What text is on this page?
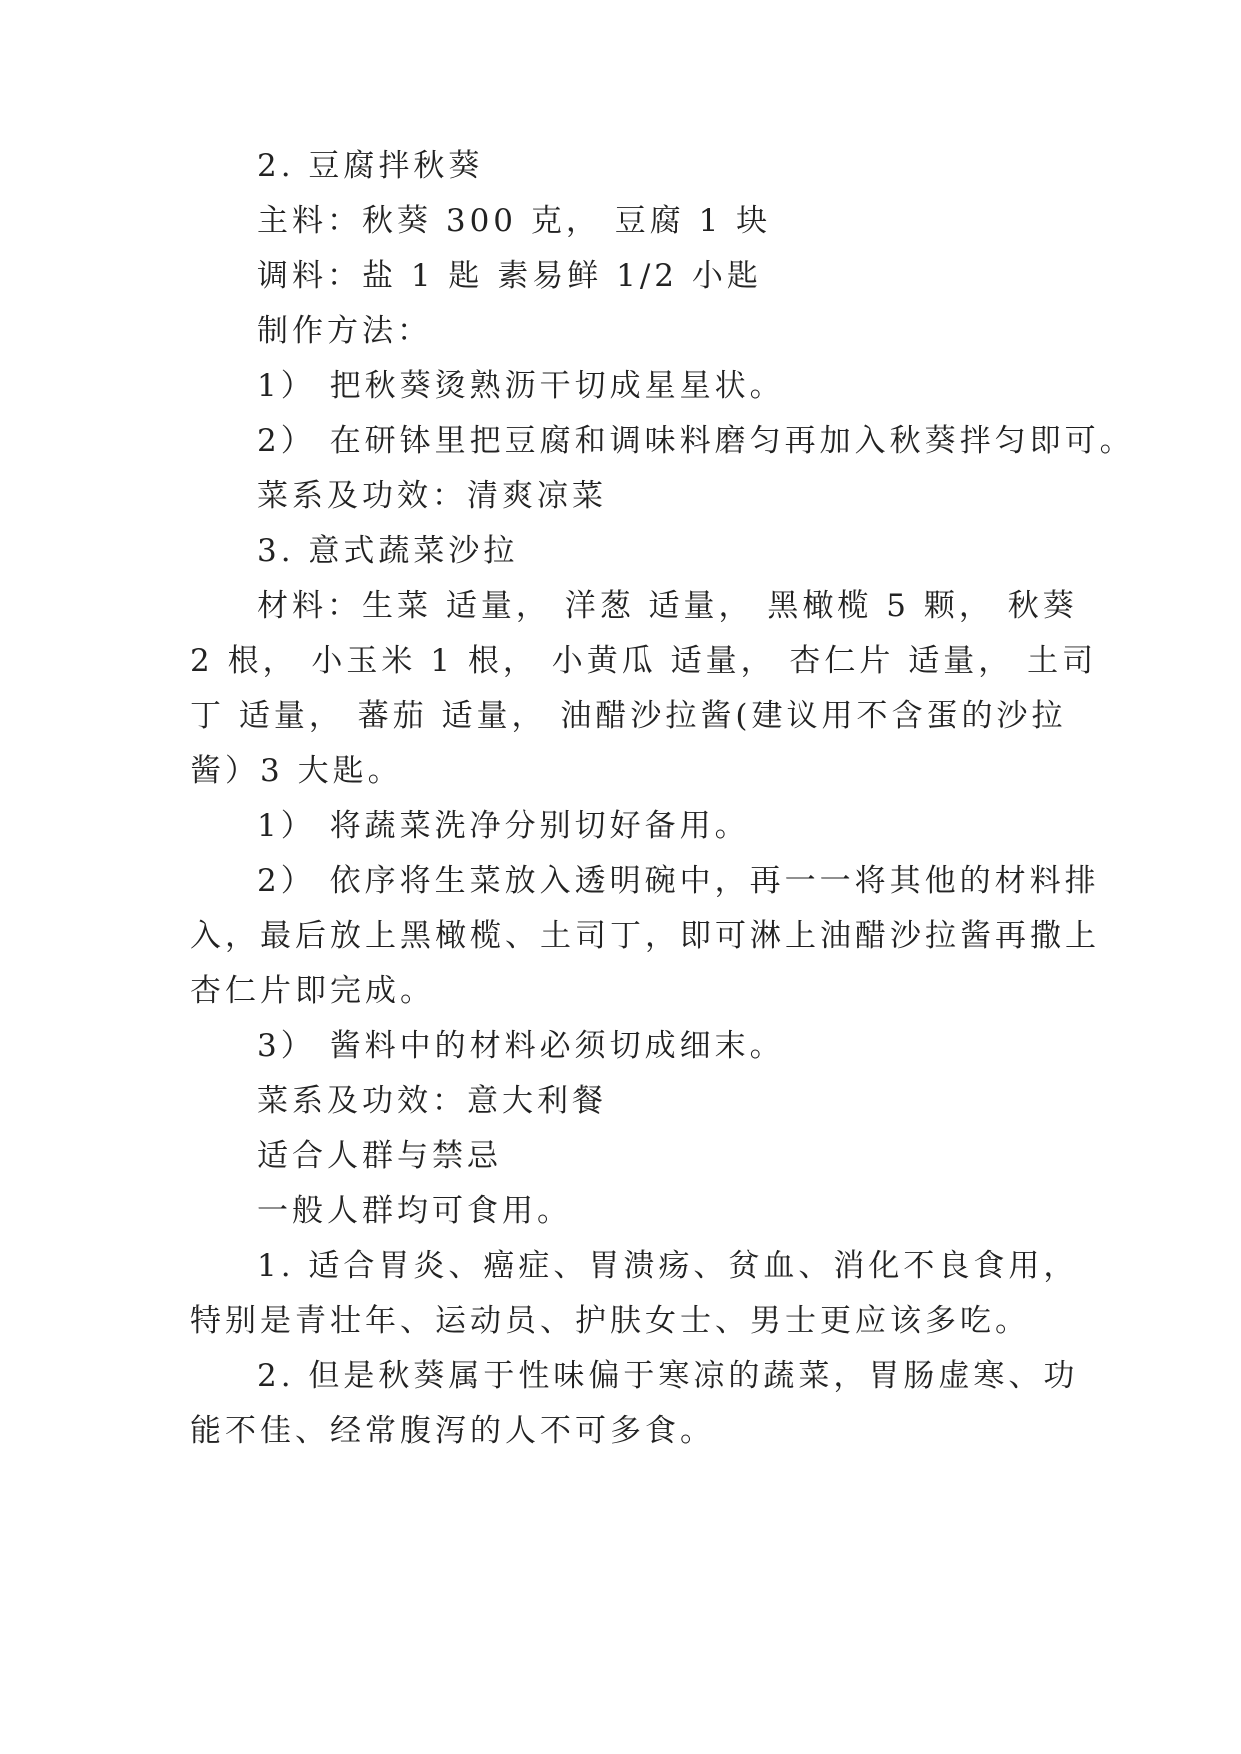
2. 豆腐拌秋葵
主料：秋葵 300 克， 豆腐 1 块
调料：盐 1 匙 素易鲜 1/2 小匙
制作方法：
1） 把秋葵烫熟沥干切成星星状。
2） 在研钵里把豆腐和调味料磨匀再加入秋葵拌匀即可。
菜系及功效：清爽凉菜
3. 意式蔬菜沙拉
材料：生菜 适量， 洋葱 适量， 黑橄榄 5 颗， 秋葵
2 根， 小玉米 1 根， 小黄瓜 适量， 杏仁片 适量， 土司
丁 适量， 蕃茄 适量， 油醋沙拉酱(建议用不含蛋的沙拉
酱）3 大匙。
1） 将蔬菜洗净分别切好备用。
2） 依序将生菜放入透明碗中，再一一将其他的材料排
入，最后放上黑橄榄、土司丁，即可淋上油醋沙拉酱再撒上
杏仁片即完成。
3） 酱料中的材料必须切成细末。
菜系及功效：意大利餐
适合人群与禁忌
一般人群均可食用。
1. 适合胃炎、癌症、胃溃疡、贫血、消化不良食用，
特别是青壮年、运动员、护肤女士、男士更应该多吃。
2. 但是秋葵属于性味偏于寒凉的蔬菜，胃肠虚寒、功
能不佳、经常腹泻的人不可多食。
